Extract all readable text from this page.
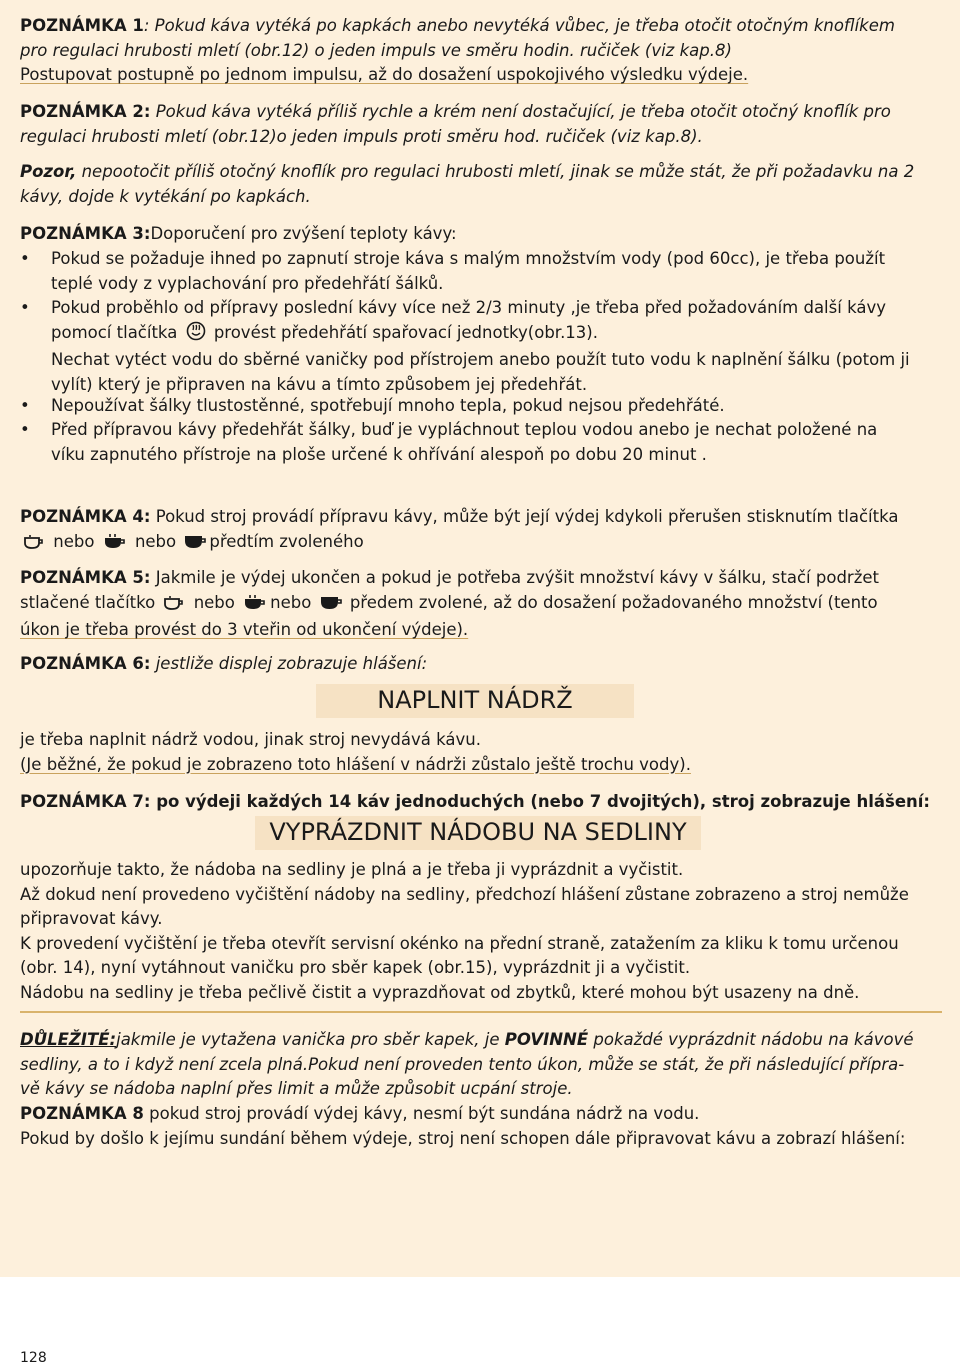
POZNÁMKA 1: Pokud káva vytéká po kapkách anebo nevytéká vůbec, je třeba otočit otočným knoflíkem
pro regulaci hrubosti mletí (obr.12) o jeden impuls ve směru hodin. ručiček (viz kap.8)
Postupovat postupně po jednom impulsu, až do dosažení uspokojivého výsledku výdeje.
POZNÁMKA 2: Pokud káva vytéká příliš rychle a krém není dostačující, je třeba otočit otočný knoflík pro
regulaci hrubosti mletí (obr.12)o jeden impuls proti směru hod. ručiček (viz kap.8).
Pozor, nepootočit příliš otočný knoflík pro regulaci hrubosti mletí, jinak se může stát, že při požadavku na 2
kávy, dojde k vytékání po kapkách.
POZNÁMKA 3:Doporučení pro zvýšení teploty kávy:
• Pokud se požaduje ihned po zapnutí stroje káva s malým množstvím vody (pod 60cc), je třeba použít
teplé vody z vyplachování pro předehřátí šálků.
• Pokud proběhlo od přípravy poslední kávy více než 2/3 minuty ,je třeba před požadováním další kávy
pomocí tlačítka provést předehřátí spařovací jednotky(obr.13).
Nechat vytéct vodu do sběrné vaničky pod přístrojem anebo použít tuto vodu k naplnění šálku (potom ji
vylít) který je připraven na kávu a tímto způsobem jej předehřát.
• Nepoužívat šálky tlustostěnné, spotřebují mnoho tepla, pokud nejsou předehřáté.
• Před přípravou kávy předehřát šálky, buď je vypláchnout teplou vodou anebo je nechat položené na
víku zapnutého přístroje na ploše určené k ohřívání alespoň po dobu 20 minut .
POZNÁMKA 4: Pokud stroj provádí přípravu kávy, může být její výdej kdykoli přerušen stisknutím tlačítka
nebo nebo předtím zvoleného
POZNÁMKA 5: Jakmile je výdej ukončen a pokud je potřeba zvýšit množství kávy v šálku, stačí podržet
stlačené tlačítko nebo nebo předem zvolené, až do dosažení požadovaného množství (tento
úkon je třeba provést do 3 vteřin od ukončení výdeje).
POZNÁMKA 6: jestliže displej zobrazuje hlášení:
NAPLNIT NÁDRŽ
je třeba naplnit nádrž vodou, jinak stroj nevydává kávu.
(Je běžné, že pokud je zobrazeno toto hlášení v nádrži zůstalo ještě trochu vody).
POZNÁMKA 7: po výdeji každých 14 káv jednoduchých (nebo 7 dvojitých), stroj zobrazuje hlášení:
VYPRÁZDNIT NÁDOBU NA SEDLINY
upozorňuje takto, že nádoba na sedliny je plná a je třeba ji vyprázdnit a vyčistit.
Až dokud není provedeno vyčištění nádoby na sedliny, předchozí hlášení zůstane zobrazeno a stroj nemůže
připravovat kávy.
K provedení vyčištění je třeba otevřít servisní okénko na přední straně, zatažením za kliku k tomu určenou
(obr. 14), nyní vytáhnout vaničku pro sběr kapek (obr.15), vyprázdnit ji a vyčistit.
Nádobu na sedliny je třeba pečlivě čistit a vyprazdňovat od zbytků, které mohou být usazeny na dně.
DŮLEŽITÉ:jakmile je vytažena vanička pro sběr kapek, je POVINNÉ pokaždé vyprázdnit nádobu na kávové
sedliny, a to i když není zcela plná.Pokud není proveden tento úkon, může se stát, že při následující příprа-
vě kávy se nádoba naplní přes limit a může způsobit ucpání stroje.
POZNÁMKA 8 pokud stroj provádí výdej kávy, nesmí být sundána nádrž na vodu.
Pokud by došlo k jejímu sundání během výdeje, stroj není schopen dále připravovat kávu a zobrazí hlášení:
128
